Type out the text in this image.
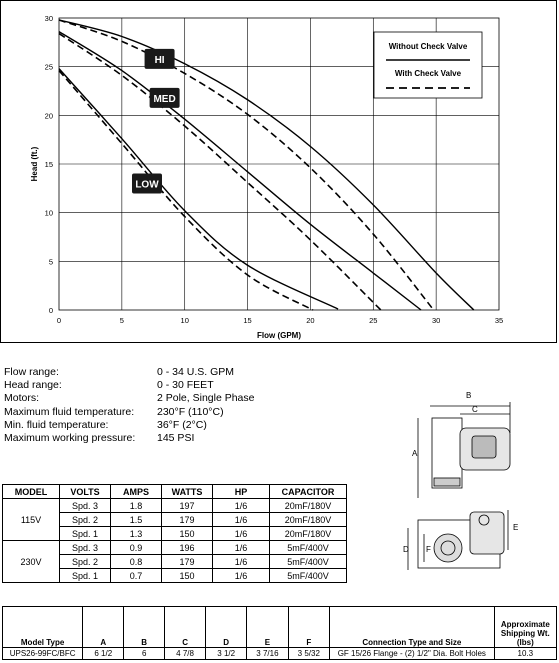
0	5	10	15	20	25	30	35
0
5
10
15
20
25
30
Flow (GPM)
Head (ft.)
HI
MED
LOW
Without Check Valve
With Check Valve
Flow range:	0 - 34 U.S. GPM
Head range:	0 - 30 FEET
Motors:	2 Pole, Single Phase
Maximum fluid temperature:	230°F (110°C)
Min. fluid temperature:	36°F (2°C)
Maximum working pressure:	145 PSI
B
C
A
D
E
F
MODEL	VOLTS	AMPS	WATTS	HP	CAPACITOR
115V	Spd. 3	1.8	197	1/6	20mF/180V
	Spd. 2	1.5	179	1/6	20mF/180V
	Spd. 1	1.3	150	1/6	20mF/180V
230V	Spd. 3	0.9	196	1/6	5mF/400V
	Spd. 2	0.8	179	1/6	5mF/400V
	Spd. 1	0.7	150	1/6	5mF/400V
Model Type	A	B	C	D	E	F	Connection Type and Size	Approximate Shipping Wt. (lbs)
UPS26-99FC/BFC	6 1/2	6	4 7/8	3 1/2	3 7/16	3 5/32	GF 15/26 Flange - (2) 1/2" Dia. Bolt Holes	10.3
